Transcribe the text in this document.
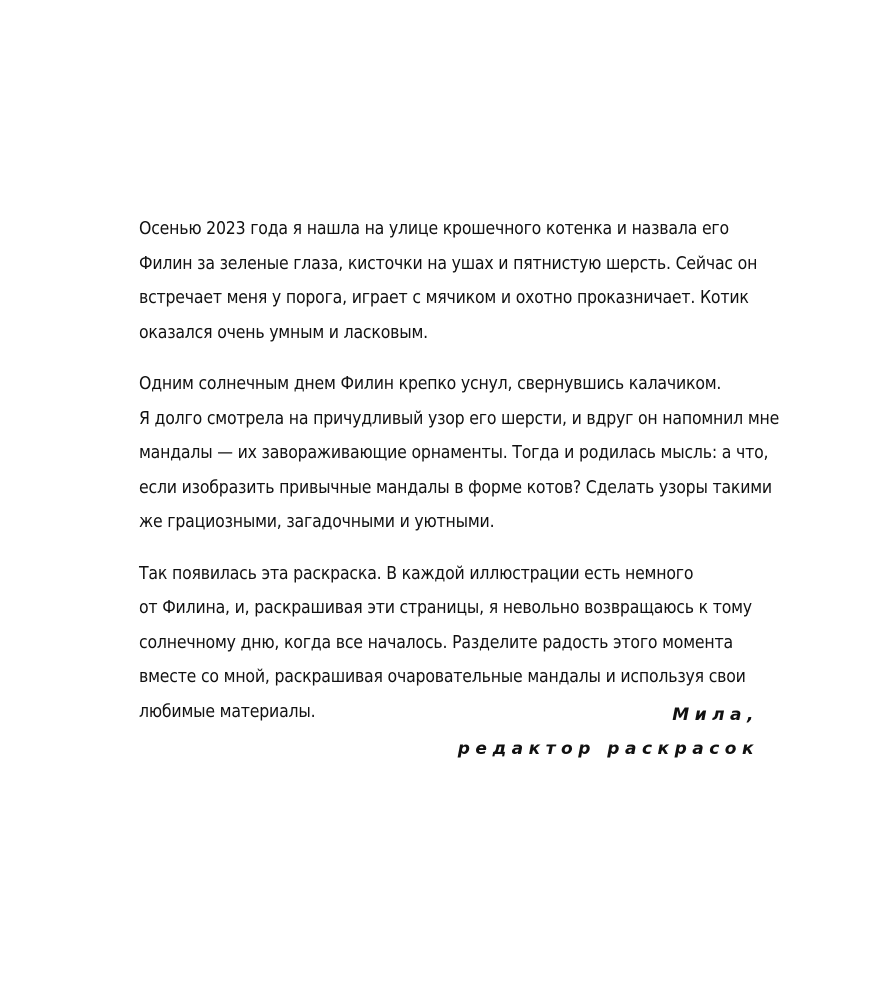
Осенью 2023 года я нашла на улице крошечного котенка и назвала его
Филин за зеленые глаза, кисточки на ушах и пятнистую шерсть. Сейчас он
встречает меня у порога, играет с мячиком и охотно проказничает. Котик
оказался очень умным и ласковым.

Одним солнечным днем Филин крепко уснул, свернувшись калачиком.
Я долго смотрела на причудливый узор его шерсти, и вдруг он напомнил мне
мандалы — их завораживающие орнаменты. Тогда и родилась мысль: а что,
если изобразить привычные мандалы в форме котов? Сделать узоры такими
же грациозными, загадочными и уютными.

Так появилась эта раскраска. В каждой иллюстрации есть немного
от Филина, и, раскрашивая эти страницы, я невольно возвращаюсь к тому
солнечному дню, когда все началось. Разделите радость этого момента
вместе со мной, раскрашивая очаровательные мандалы и используя свои
любимые материалы.	Мила,
редактор раскрасок
